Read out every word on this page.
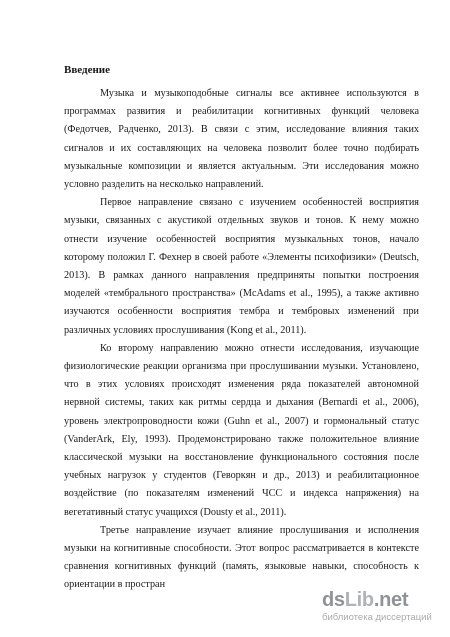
Введение

Музыка и музыкоподобные сигналы все активнее используются в программах развития и реабилитации когнитивных функций человека (Федотчев, Радченко, 2013). В связи с этим, исследование влияния таких сигналов и их составляющих на человека позволит более точно подбирать музыкальные композиции и является актуальным. Эти исследования можно условно разделить на несколько направлений.

Первое направление связано с изучением особенностей восприятия музыки, связанных с акустикой отдельных звуков и тонов. К нему можно отнести изучение особенностей восприятия музыкальных тонов, начало которому положил Г. Фехнер в своей работе «Элементы психофизики» (Deutsch, 2013). В рамках данного направления предприняты попытки построения моделей «тембрального пространства» (McAdams et al., 1995), а также активно изучаются особенности восприятия тембра и тембровых изменений при различных условиях прослушивания (Kong et al., 2011).

Ко второму направлению можно отнести исследования, изучающие физиологические реакции организма при прослушивании музыки. Установлено, что в этих условиях происходят изменения ряда показателей автономной нервной системы, таких как ритмы сердца и дыхания (Bernardi et al., 2006), уровень электропроводности кожи (Guhn et al., 2007) и гормональный статус (VanderArk, Ely, 1993). Продемонстрировано также положительное влияние классической музыки на восстановление функционального состояния после учебных нагрузок у студентов (Геворкян и др., 2013) и реабилитационное воздействие (по показателям изменений ЧСС и индекса напряжения) на вегетативный статус учащихся (Dousty et al., 2011).

Третье направление изучает влияние прослушивания и исполнения музыки на когнитивные способности. Этот вопрос рассматривается в контексте сравнения когнитивных функций (память, языковые навыки, способность к ориентации в простран

dsLib.net
библиотека диссертаций
